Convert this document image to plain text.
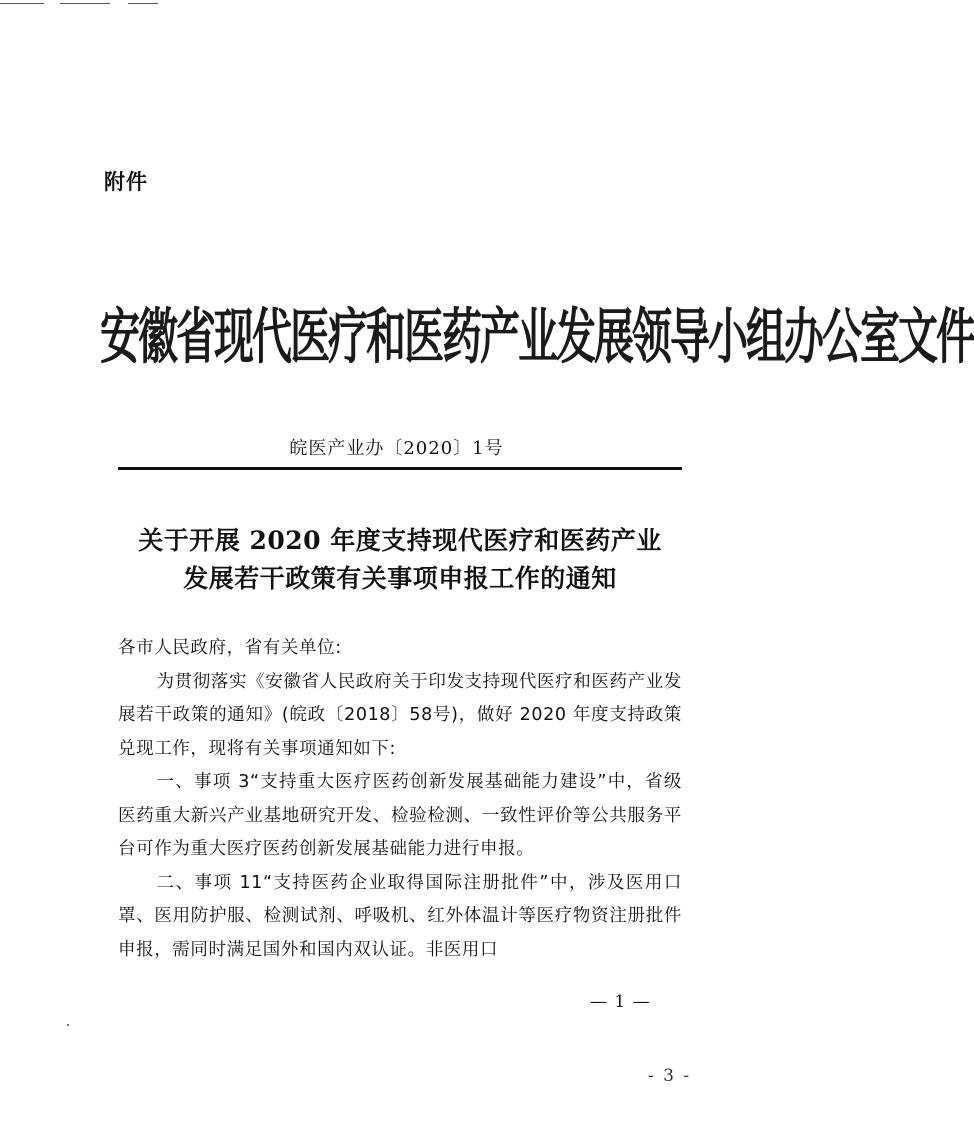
附件
安徽省现代医疗和医药产业发展领导小组办公室文件
皖医产业办〔2020〕1号
关于开展 2020 年度支持现代医疗和医药产业
发展若干政策有关事项申报工作的通知

各市人民政府，省有关单位:

为贯彻落实《安徽省人民政府关于印发支持现代医疗和医药产业发展若干政策的通知》(皖政〔2018〕58号)，做好 2020 年度支持政策兑现工作，现将有关事项通知如下:

一、事项 3“支持重大医疗医药创新发展基础能力建设”中，省级医药重大新兴产业基地研究开发、检验检测、一致性评价等公共服务平台可作为重大医疗医药创新发展基础能力进行申报。

二、事项 11“支持医药企业取得国际注册批件”中，涉及医用口罩、医用防护服、检测试剂、呼吸机、红外体温计等医疗物资注册批件申报，需同时满足国外和国内双认证。非医用口

— 1 —
- 3 -
